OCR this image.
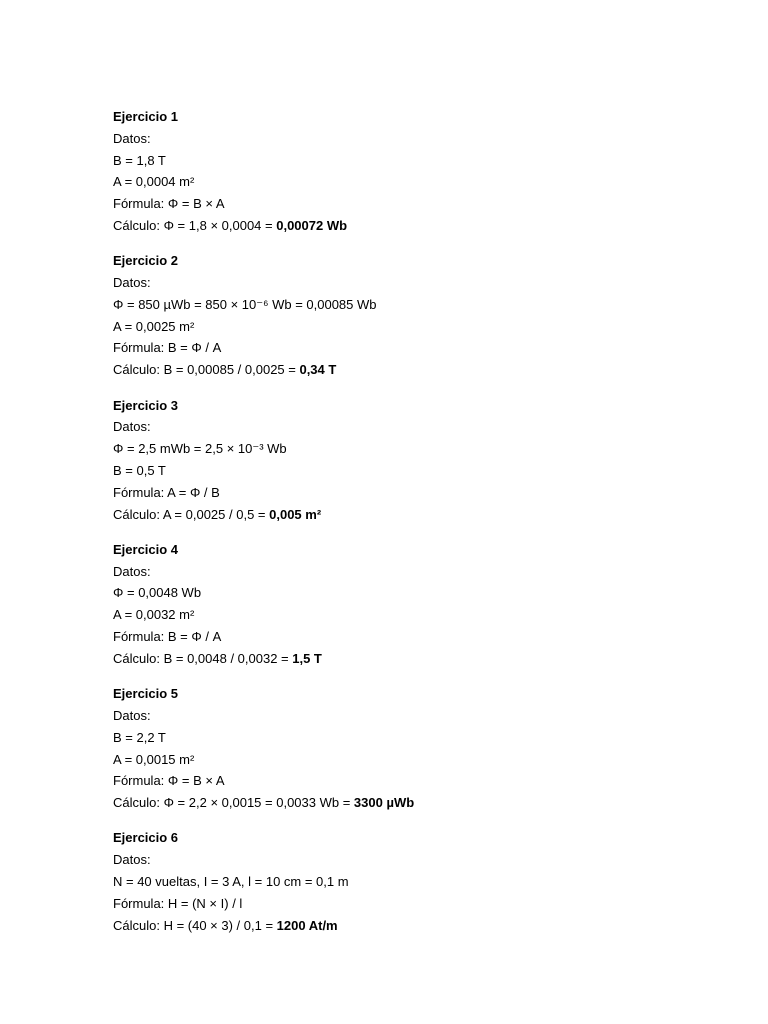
Ejercicio 1
Datos:
B = 1,8 T
A = 0,0004 m²
Fórmula: Φ = B × A
Cálculo: Φ = 1,8 × 0,0004 = 0,00072 Wb
Ejercicio 2
Datos:
Φ = 850 µWb = 850 × 10⁻⁶ Wb = 0,00085 Wb
A = 0,0025 m²
Fórmula: B = Φ / A
Cálculo: B = 0,00085 / 0,0025 = 0,34 T
Ejercicio 3
Datos:
Φ = 2,5 mWb = 2,5 × 10⁻³ Wb
B = 0,5 T
Fórmula: A = Φ / B
Cálculo: A = 0,0025 / 0,5 = 0,005 m²
Ejercicio 4
Datos:
Φ = 0,0048 Wb
A = 0,0032 m²
Fórmula: B = Φ / A
Cálculo: B = 0,0048 / 0,0032 = 1,5 T
Ejercicio 5
Datos:
B = 2,2 T
A = 0,0015 m²
Fórmula: Φ = B × A
Cálculo: Φ = 2,2 × 0,0015 = 0,0033 Wb = 3300 µWb
Ejercicio 6
Datos:
N = 40 vueltas, I = 3 A, l = 10 cm = 0,1 m
Fórmula: H = (N × I) / l
Cálculo: H = (40 × 3) / 0,1 = 1200 At/m
